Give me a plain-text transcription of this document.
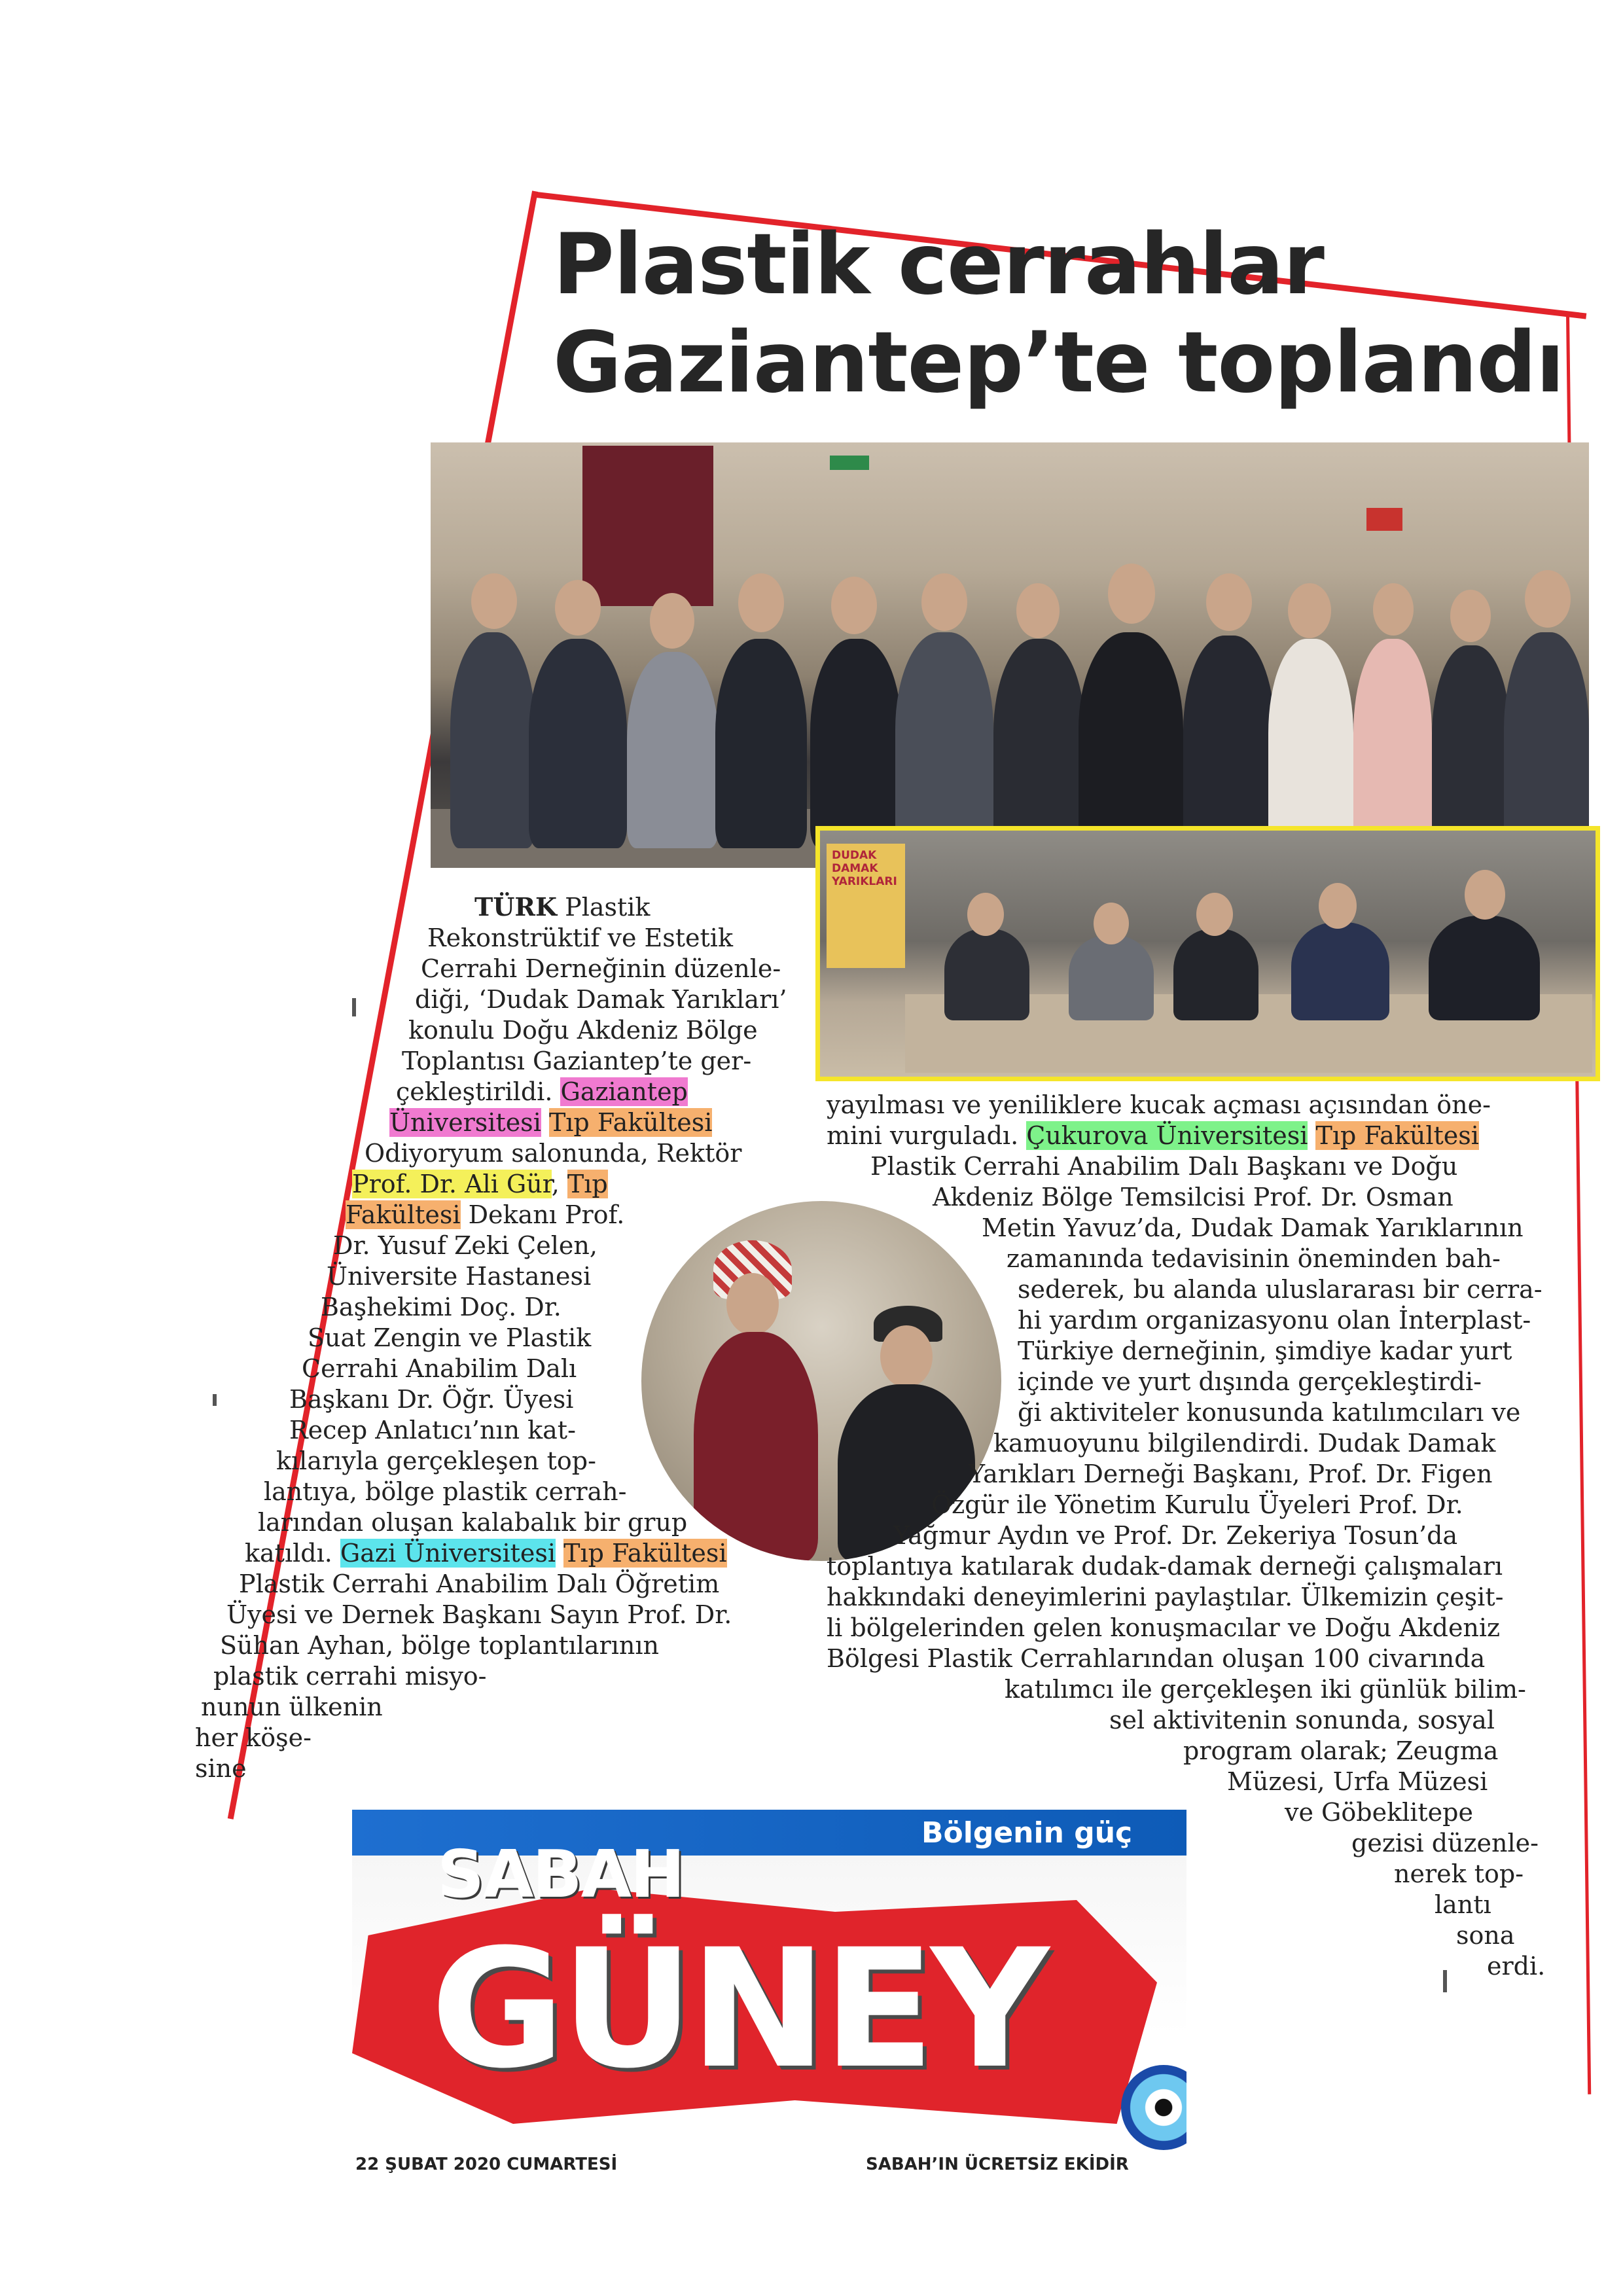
Plastik cerrahlar
Gaziantep’te toplandı
DUDAK DAMAK YARIKLARI
TÜRK Plastik
Rekonstrüktif ve Estetik
Cerrahi Derneğinin düzenle-
diği, ‘Dudak Damak Yarıkları’
konulu Doğu Akdeniz Bölge
Toplantısı Gaziantep’te ger-
çekleştirildi. Gaziantep
Üniversitesi Tıp Fakültesi
Odiyoryum salonunda, Rektör
Prof. Dr. Ali Gür, Tıp
Fakültesi Dekanı Prof.
Dr. Yusuf Zeki Çelen,
Üniversite Hastanesi
Başhekimi Doç. Dr.
Suat Zengin ve Plastik
Cerrahi Anabilim Dalı
Başkanı Dr. Öğr. Üyesi
Recep Anlatıcı’nın kat-
kılarıyla gerçekleşen top-
lantıya, bölge plastik cerrah-
larından oluşan kalabalık bir grup
katıldı. Gazi Üniversitesi Tıp Fakültesi
Plastik Cerrahi Anabilim Dalı Öğretim
Üyesi ve Dernek Başkanı Sayın Prof. Dr.
Sühan Ayhan, bölge toplantılarının
plastik cerrahi misyo-
nunun ülkenin
her köşe-
sine
yayılması ve yeniliklere kucak açması açısından öne-
mini vurguladı. Çukurova Üniversitesi Tıp Fakültesi
Plastik Cerrahi Anabilim Dalı Başkanı ve Doğu
Akdeniz Bölge Temsilcisi Prof. Dr. Osman
Metin Yavuz’da, Dudak Damak Yarıklarının
zamanında tedavisinin öneminden bah-
sederek, bu alanda uluslararası bir cerra-
hi yardım organizasyonu olan İnterplast-
Türkiye derneğinin, şimdiye kadar yurt
içinde ve yurt dışında gerçekleştirdi-
ği aktiviteler konusunda katılımcıları ve
kamuoyunu bilgilendirdi. Dudak Damak
Yarıkları Derneği Başkanı, Prof. Dr. Figen
Özgür ile Yönetim Kurulu Üyeleri Prof. Dr.
Yağmur Aydın ve Prof. Dr. Zekeriya Tosun’da
toplantıya katılarak dudak-damak derneği çalışmaları
hakkındaki deneyimlerini paylaştılar. Ülkemizin çeşit-
li bölgelerinden gelen konuşmacılar ve Doğu Akdeniz
Bölgesi Plastik Cerrahlarından oluşan 100 civarında
katılımcı ile gerçekleşen iki günlük bilim-
sel aktivitenin sonunda, sosyal
program olarak; Zeugma
Müzesi, Urfa Müzesi
ve Göbeklitepe
gezisi düzenle-
nerek top-
lantı
sona
erdi.
Bölgenin güç
SABAH
GÜNEY
22 ŞUBAT 2020 CUMARTESİ	SABAH’IN ÜCRETSİZ EKİDİR
